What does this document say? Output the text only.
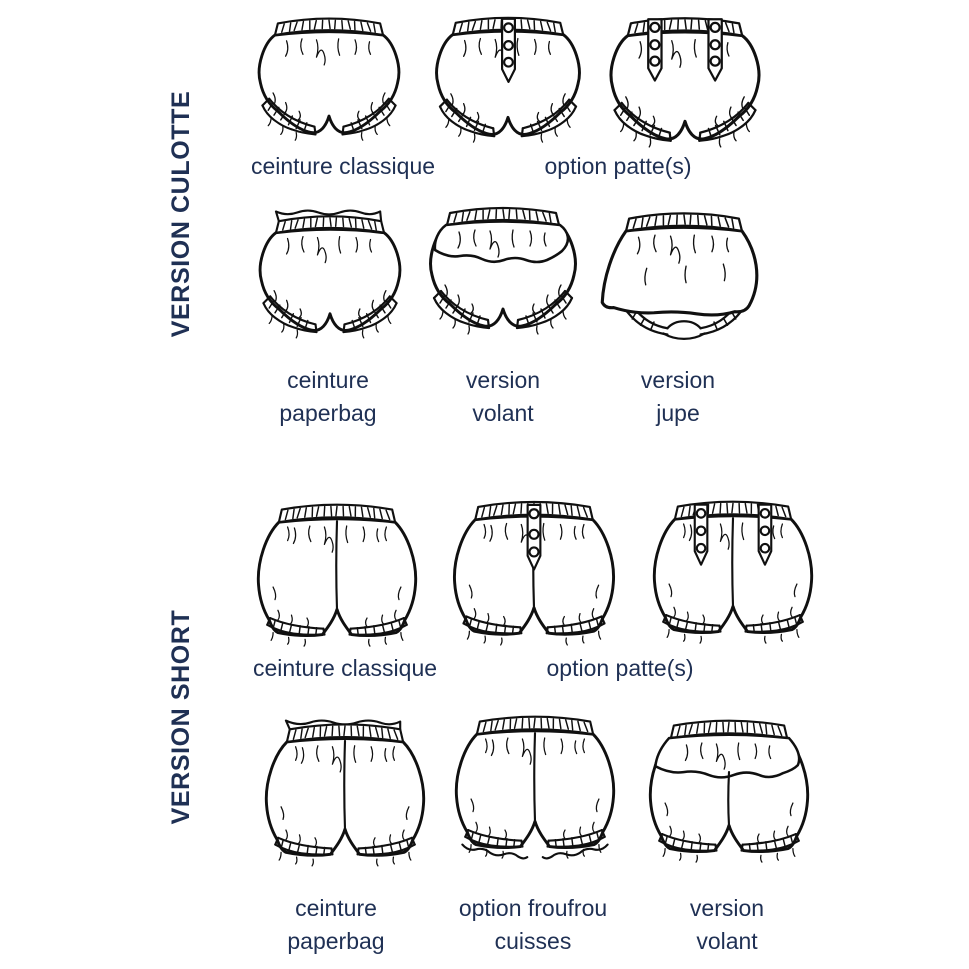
VERSION CULOTTE
VERSION SHORT
ceinture classique	option patte(s)
ceinture
paperbag
version
volant
version
jupe
ceinture classique	option patte(s)
ceinture
paperbag
option froufrou
cuisses
version
volant
